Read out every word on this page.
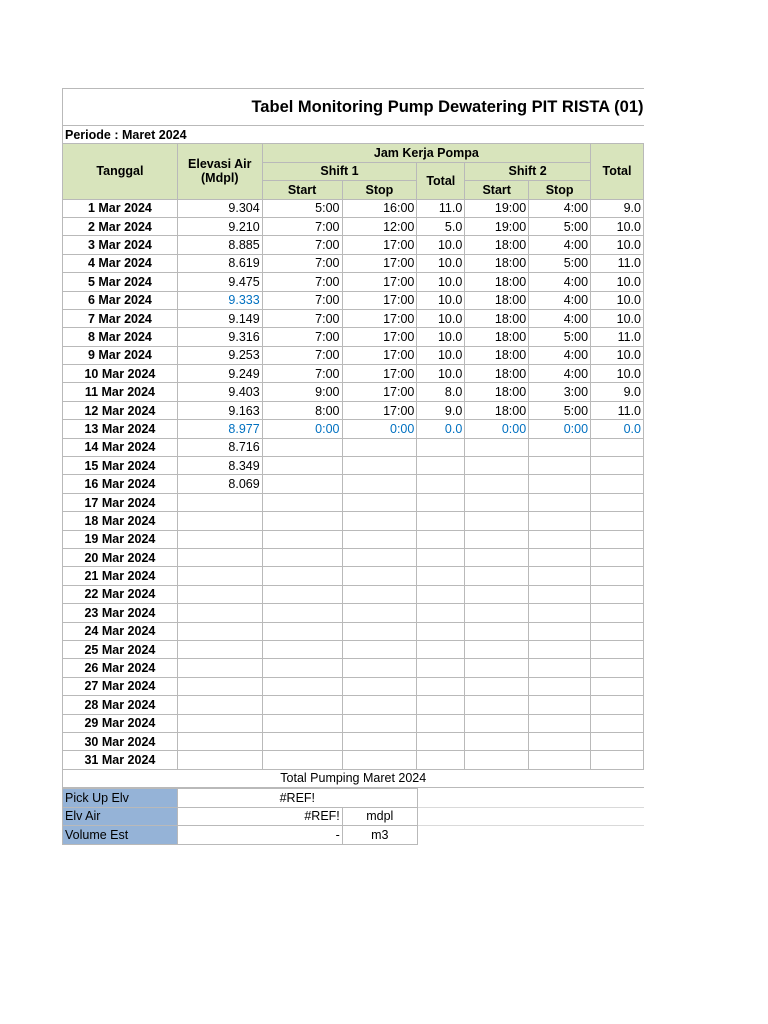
Tabel Monitoring Pump Dewatering PIT RISTA (01)							
Periode : Maret 2024							
Tanggal	Elevasi Air (Mdpl)	Jam Kerja Pompa					Total
		Shift 1		Total	Shift 2		
		Start	Stop		Start	Stop	
1 Mar 2024	9.304	5:00	16:00	11.0	19:00	4:00	9.0
2 Mar 2024	9.210	7:00	12:00	5.0	19:00	5:00	10.0
3 Mar 2024	8.885	7:00	17:00	10.0	18:00	4:00	10.0
4 Mar 2024	8.619	7:00	17:00	10.0	18:00	5:00	11.0
5 Mar 2024	9.475	7:00	17:00	10.0	18:00	4:00	10.0
6 Mar 2024	9.333	7:00	17:00	10.0	18:00	4:00	10.0
7 Mar 2024	9.149	7:00	17:00	10.0	18:00	4:00	10.0
8 Mar 2024	9.316	7:00	17:00	10.0	18:00	5:00	11.0
9 Mar 2024	9.253	7:00	17:00	10.0	18:00	4:00	10.0
10 Mar 2024	9.249	7:00	17:00	10.0	18:00	4:00	10.0
11 Mar 2024	9.403	9:00	17:00	8.0	18:00	3:00	9.0
12 Mar 2024	9.163	8:00	17:00	9.0	18:00	5:00	11.0
13 Mar 2024	8.977	0:00	0:00	0.0	0:00	0:00	0.0
14 Mar 2024	8.716						
15 Mar 2024	8.349						
16 Mar 2024	8.069						
17 Mar 2024							
18 Mar 2024							
19 Mar 2024							
20 Mar 2024							
21 Mar 2024							
22 Mar 2024							
23 Mar 2024							
24 Mar 2024							
25 Mar 2024							
26 Mar 2024							
27 Mar 2024							
28 Mar 2024							
29 Mar 2024							
30 Mar 2024							
31 Mar 2024							
Total Pumping Maret 2024							
Pick Up Elv	#REF!		
Elv Air	#REF!	mdpl	
Volume Est	-	m3	
